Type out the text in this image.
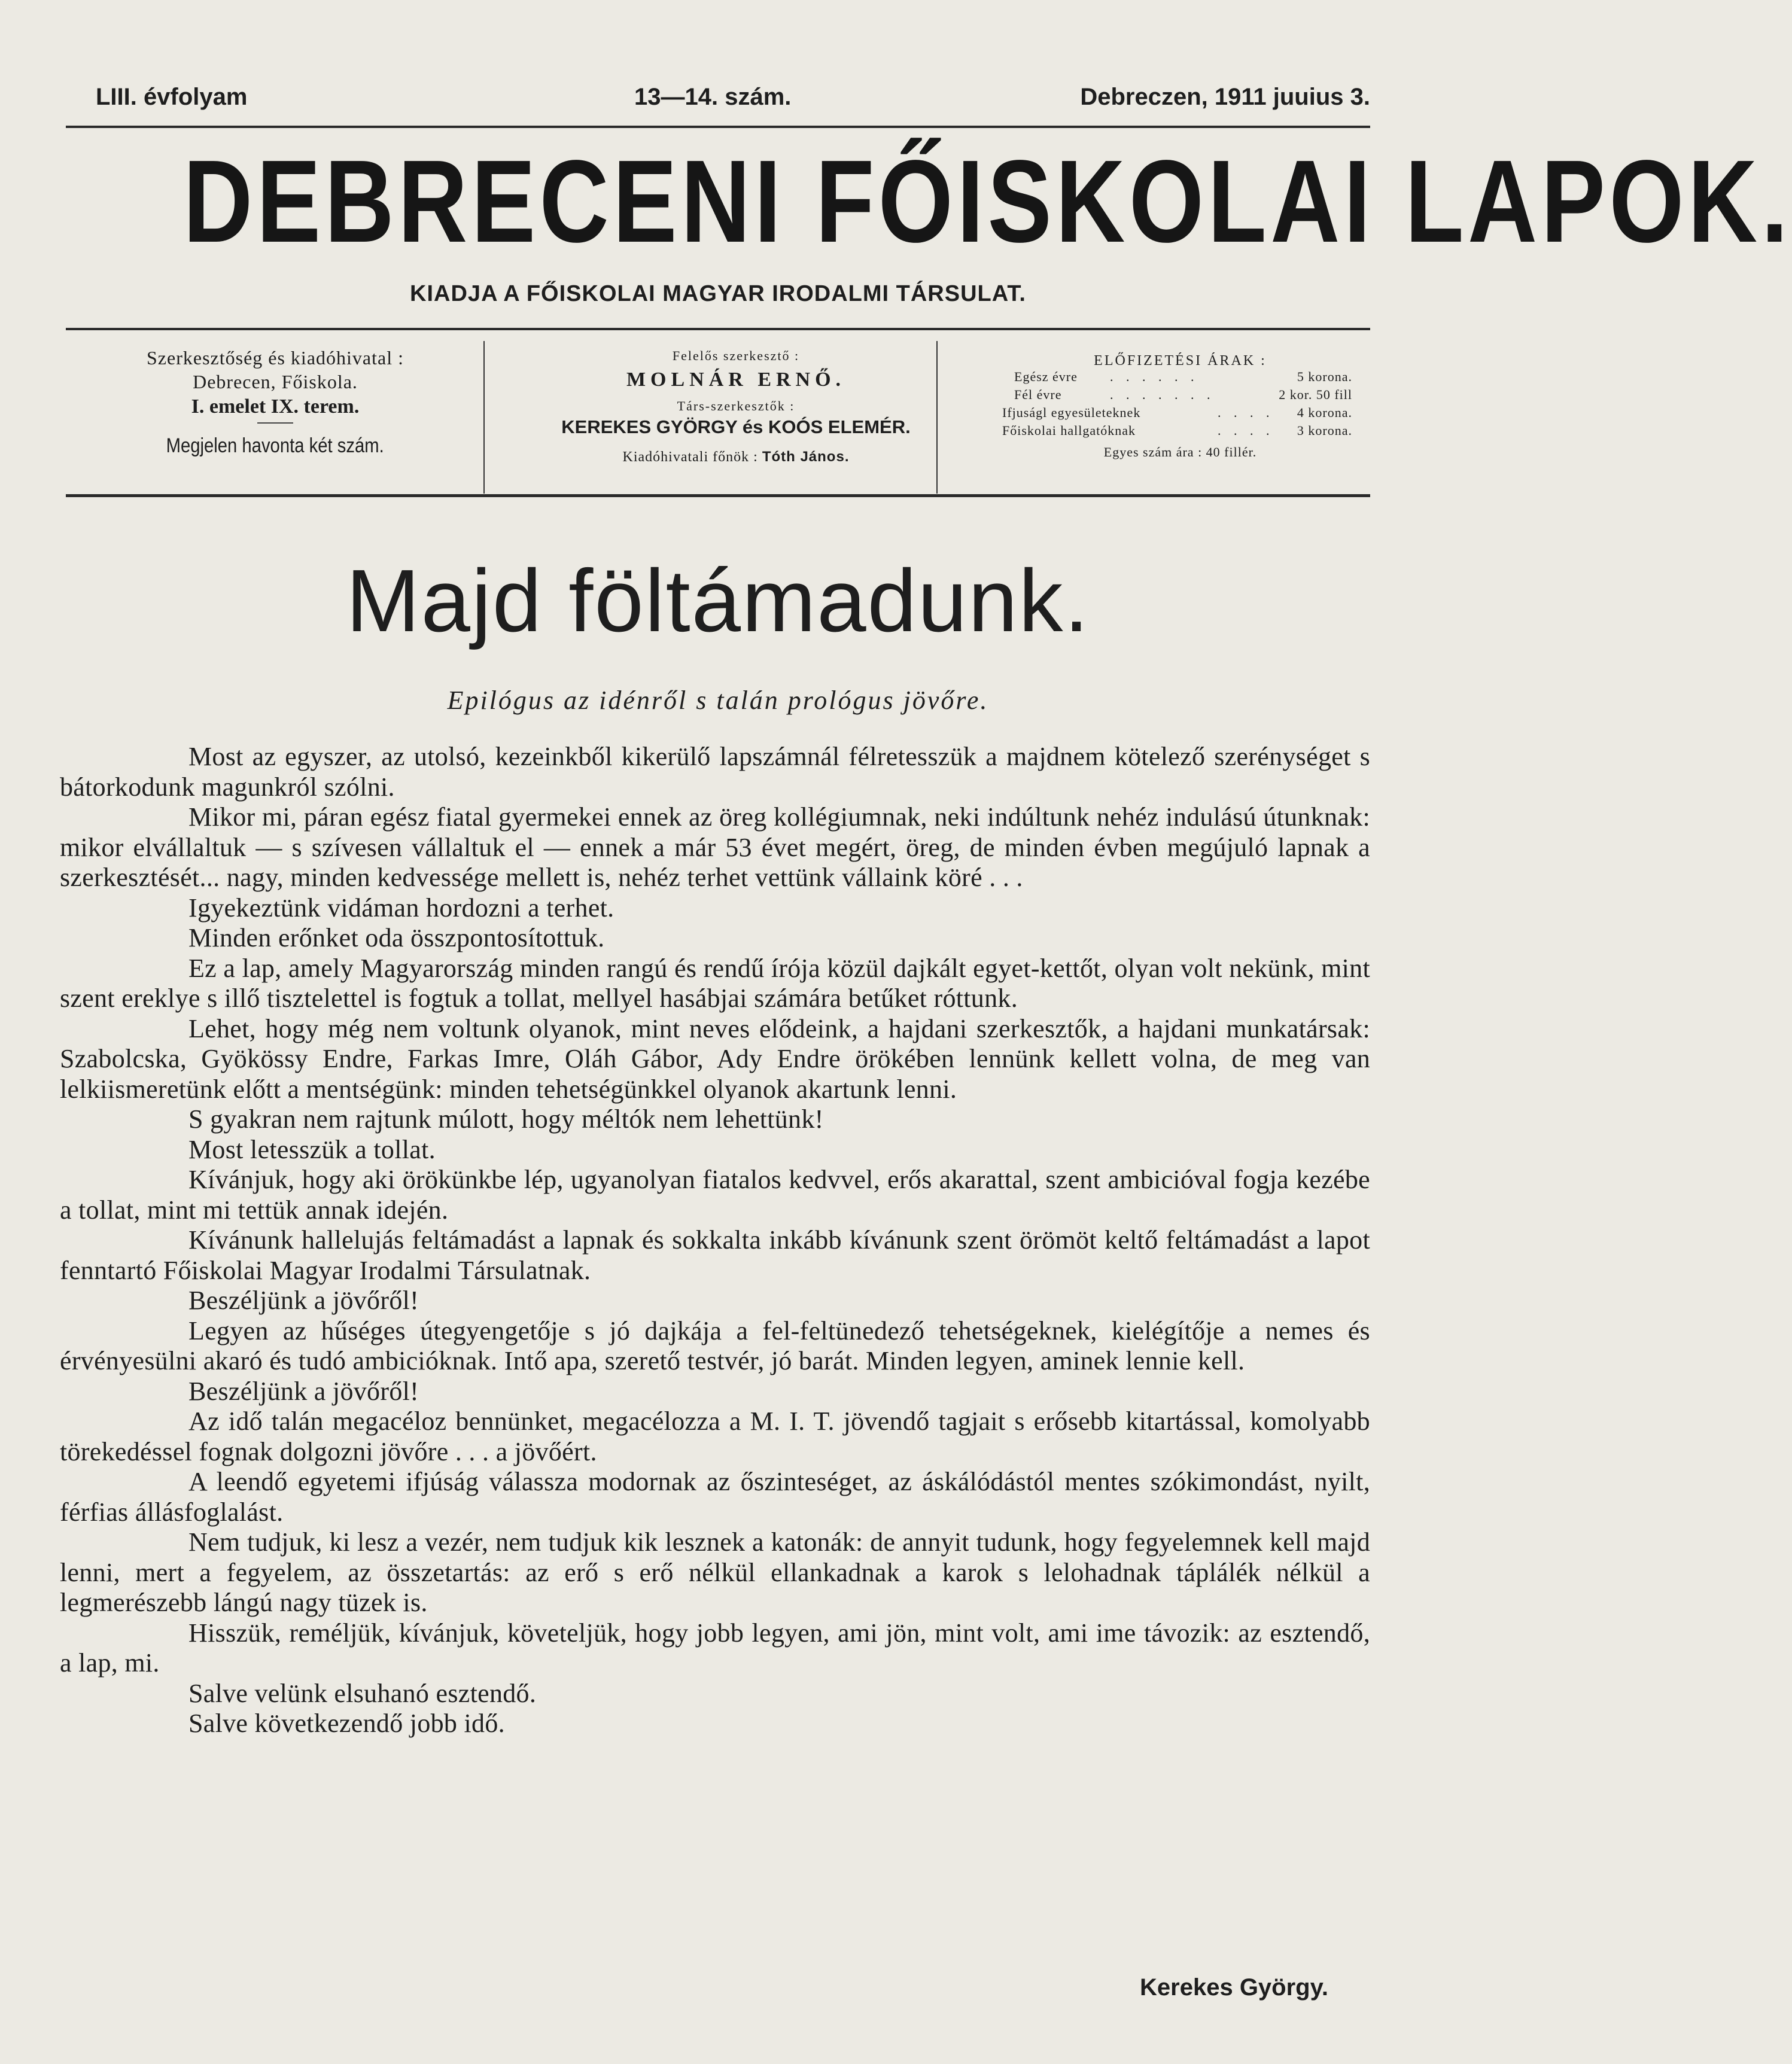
LIII. évfolyam	13—14. szám.	Debreczen, 1911 juuius 3.
DEBRECENI FŐISKOLAI LAPOK.
KIADJA A FŐISKOLAI MAGYAR IRODALMI TÁRSULAT.
Szerkesztőség és kiadóhivatal :
Debrecen, Főiskola.
I. emelet IX. terem.
Megjelen havonta két szám.
Felelős szerkesztő :
MOLNÁR ERNŐ.
Társ-szerkesztők :
KEREKES GYÖRGY és KOÓS ELEMÉR.
Kiadóhivatali főnök : Tóth János.
ELŐFIZETÉSI ÁRAK :
Egész évre . . . . . .	5 korona.
Fél évre	. . . . . . .	2 kor. 50 fill
Ifjuságl egyesületeknek	. . . . 4 korona.
Főiskolai hallgatóknak	. . . . 3 korona.
Egyes szám ára : 40 fillér.
Majd föltámadunk.
Epilógus az idénről s talán prológus jövőre.

Most az egyszer, az utolsó, kezeinkből kikerülő lapszámnál félretesszük a majdnem kötelező szerénységet s bátorkodunk magunkról szólni.

Mikor mi, páran egész fiatal gyermekei ennek az öreg kollégiumnak, neki indúltunk nehéz indulású útunknak: mikor elvállaltuk — s szívesen vállaltuk el — ennek a már 53 évet megért, öreg, de minden évben megújuló lapnak a szerkesztését... nagy, minden kedvessége mellett is, nehéz terhet vettünk vállaink köré . . .

Igyekeztünk vidáman hordozni a terhet.

Minden erőnket oda összpontosítottuk.

Ez a lap, amely Magyarország minden rangú és rendű írója közül dajkált egyet-kettőt, olyan volt nekünk, mint szent ereklye s illő tisztelettel is fogtuk a tollat, mellyel hasábjai számára betűket róttunk.

Lehet, hogy még nem voltunk olyanok, mint neves elődeink, a hajdani szerkesztők, a hajdani munkatársak: Szabolcska, Gyökössy Endre, Farkas Imre, Oláh Gábor, Ady Endre örökében lennünk kellett volna, de meg van lelkiismeretünk előtt a mentségünk: minden tehetségünkkel olyanok akartunk lenni.

S gyakran nem rajtunk múlott, hogy méltók nem lehettünk!

Most letesszük a tollat.

Kívánjuk, hogy aki örökünkbe lép, ugyanolyan fiatalos kedvvel, erős akarattal, szent ambicióval fogja kezébe a tollat, mint mi tettük annak idején.

Kívánunk hallelujás feltámadást a lapnak és sokkalta inkább kívánunk szent örömöt keltő feltámadást a lapot fenntartó Főiskolai Magyar Irodalmi Társulatnak.

Beszéljünk a jövőről!

Legyen az hűséges útegyengetője s jó dajkája a fel-feltünedező tehetségeknek, kielégítője a nemes és érvényesülni akaró és tudó ambicióknak. Intő apa, szerető testvér, jó barát. Minden legyen, aminek lennie kell.

Beszéljünk a jövőről!

Az idő talán megacéloz bennünket, megacélozza a M. I. T. jövendő tagjait s erősebb kitartással, komolyabb törekedéssel fognak dolgozni jövőre . . . a jövőért.

A leendő egyetemi ifjúság válassza modornak az őszinteséget, az áskálódástól mentes szókimondást, nyilt, férfias állásfoglalást.

Nem tudjuk, ki lesz a vezér, nem tudjuk kik lesznek a katonák: de annyit tudunk, hogy fegyelemnek kell majd lenni, mert a fegyelem, az összetartás: az erő s erő nélkül ellankadnak a karok s lelohadnak táplálék nélkül a legmerészebb lángú nagy tüzek is.

Hisszük, reméljük, kívánjuk, követeljük, hogy jobb legyen, ami jön, mint volt, ami ime távozik: az esztendő, a lap, mi.

Salve velünk elsuhanó esztendő.

Salve következendő jobb idő.

Kerekes György.
